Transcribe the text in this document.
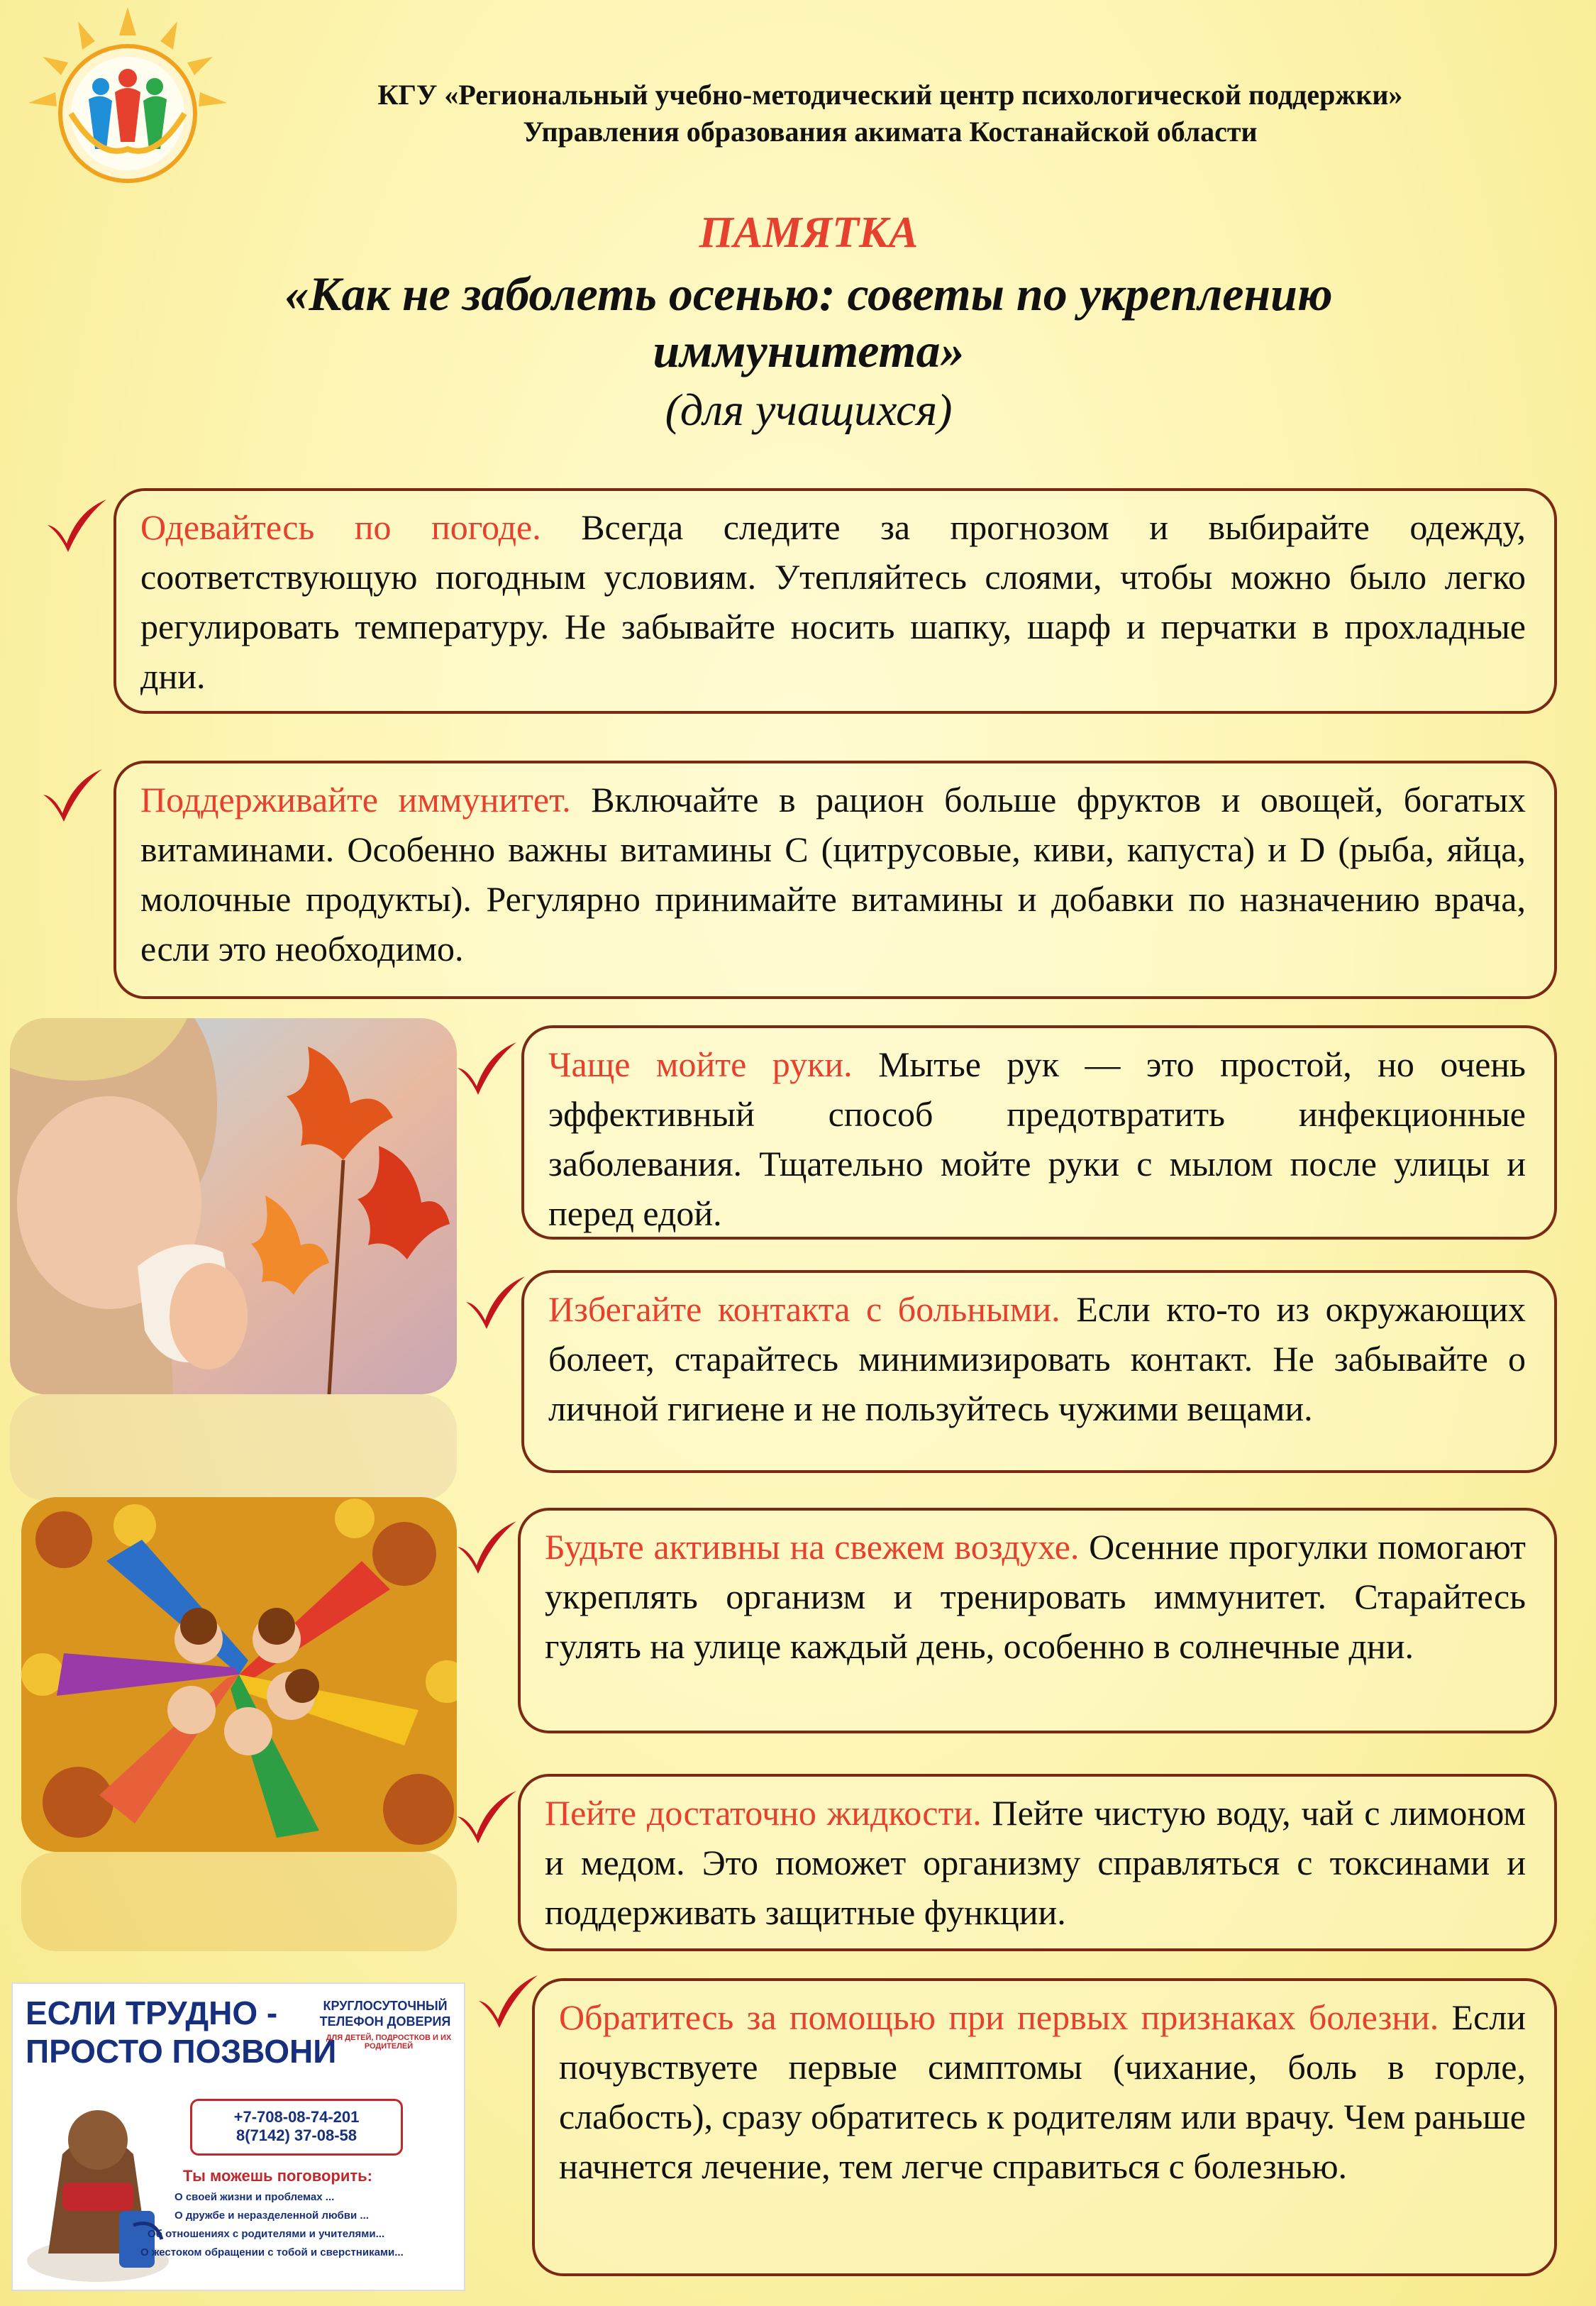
КГУ «Региональный учебно-методический центр психологической поддержки»
Управления образования акимата Костанайской области
ПАМЯТКА
«Как не заболеть осенью: советы по укреплению
иммунитета»
(для учащихся)

Одевайтесь по погоде. Всегда следите за прогнозом и выбирайте одежду, соответствующую погодным условиям. Утепляйтесь слоями, чтобы можно было легко регулировать температуру. Не забывайте носить шапку, шарф и перчатки в прохладные дни.

Поддерживайте иммунитет. Включайте в рацион больше фруктов и овощей, богатых витаминами. Особенно важны витамины C (цитрусовые, киви, капуста) и D (рыба, яйца, молочные продукты). Регулярно принимайте витамины и добавки по назначению врача, если это необходимо.

Чаще мойте руки. Мытье рук — это простой, но очень эффективный способ предотвратить инфекционные заболевания. Тщательно мойте руки с мылом после улицы и перед едой.

Избегайте контакта с больными. Если кто-то из окружающих болеет, старайтесь минимизировать контакт. Не забывайте о личной гигиене и не пользуйтесь чужими вещами.

Будьте активны на свежем воздухе. Осенние прогулки помогают укреплять организм и тренировать иммунитет. Старайтесь гулять на улице каждый день, особенно в солнечные дни.

Пейте достаточно жидкости. Пейте чистую воду, чай с лимоном и медом. Это поможет организму справляться с токсинами и поддерживать защитные функции.

Обратитесь за помощью при первых признаках болезни. Если почувствуете первые симптомы (чихание, боль в горле, слабость), сразу обратитесь к родителям или врачу. Чем раньше начнется лечение, тем легче справиться с болезнью.

ЕСЛИ ТРУДНО -
ПРОСТО ПОЗВОНИ
КРУГЛОСУТОЧНЫЙ
ТЕЛЕФОН ДОВЕРИЯ
ДЛЯ ДЕТЕЙ, ПОДРОСТКОВ И ИХ РОДИТЕЛЕЙ
+7-708-08-74-201
8(7142) 37-08-58
Ты можешь поговорить:
О своей жизни и проблемах ...
О дружбе и неразделенной любви ...
Об отношениях с родителями и учителями...
О жестоком обращении с тобой и сверстниками...
